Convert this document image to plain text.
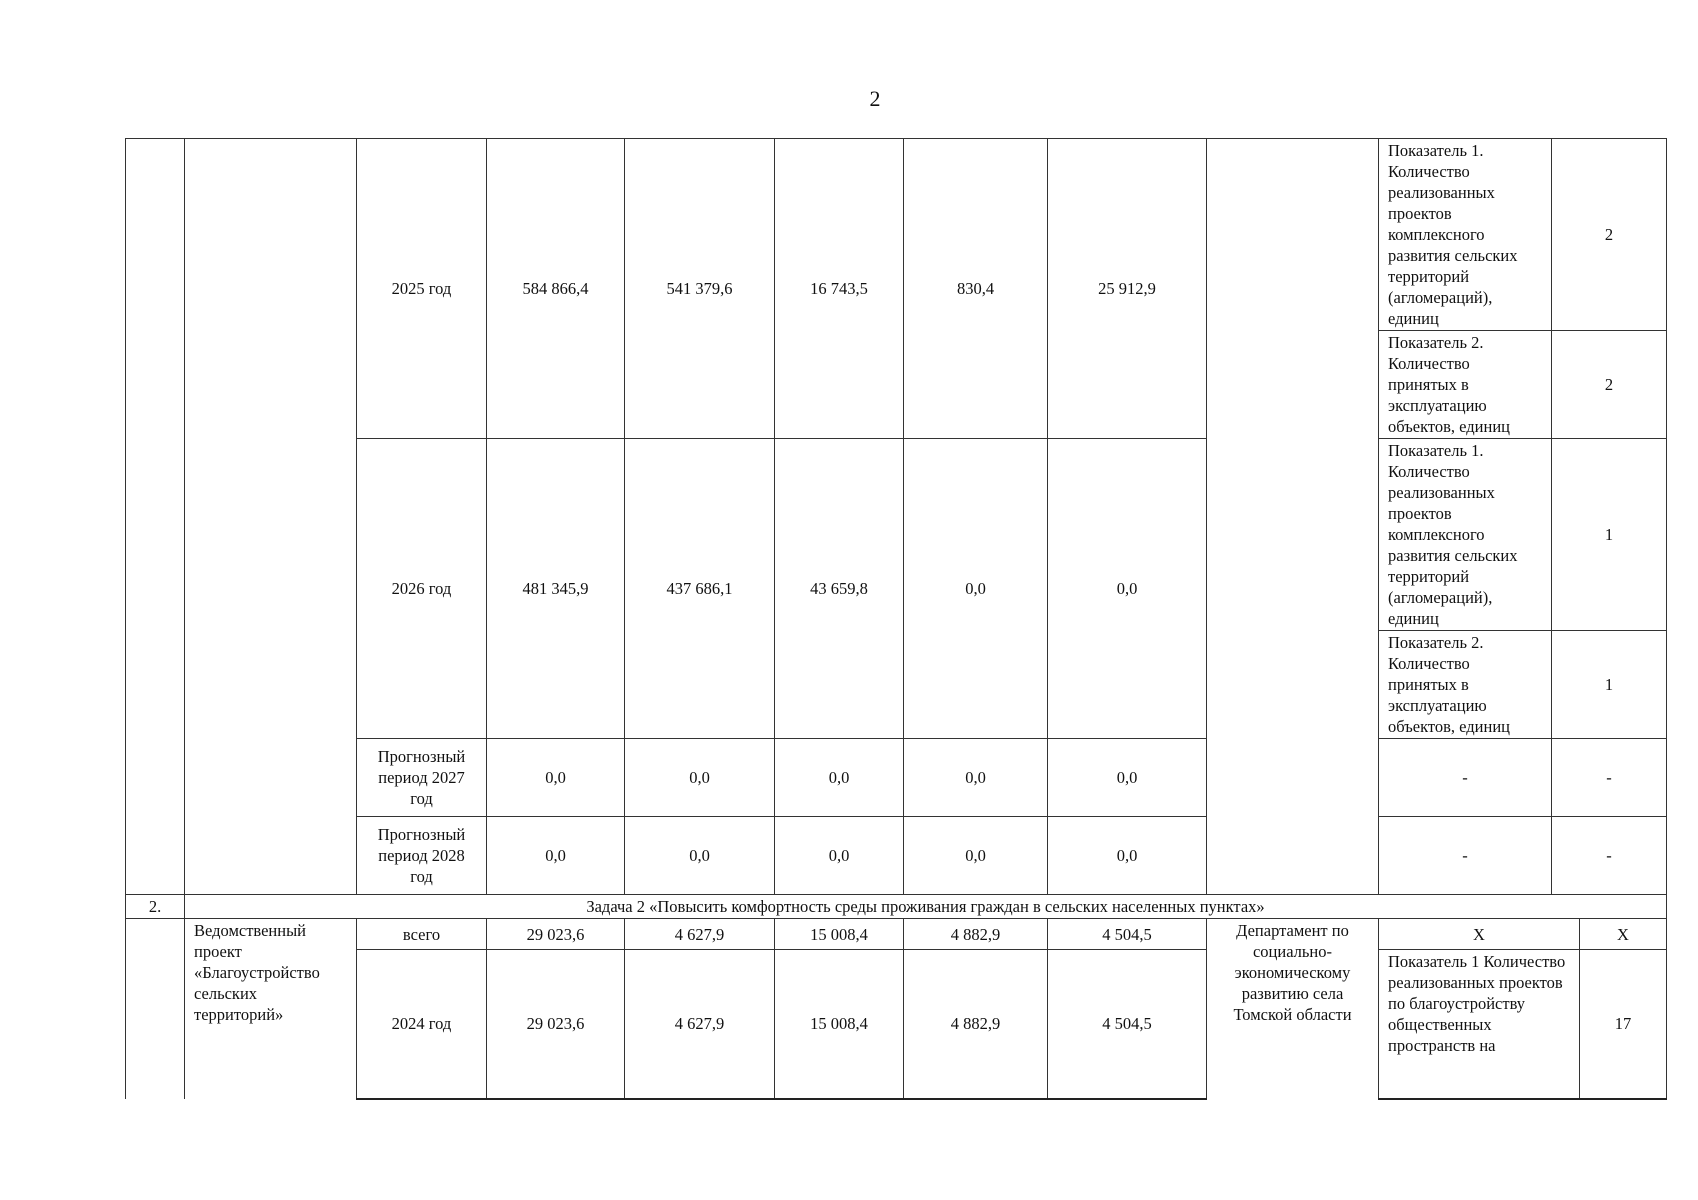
2
		2025 год	584 866,4	541 379,6	16 743,5	830,4	25 912,9		Показатель 1. Количество реализованных проектов комплексного развития сельских территорий (агломераций), единиц	2	
									Показатель 2. Количество принятых в эксплуатацию объектов, единиц	2	
		2026 год	481 345,9	437 686,1	43 659,8	0,0	0,0		Показатель 1. Количество реализованных проектов комплексного развития сельских территорий (агломераций), единиц	1	
									Показатель 2. Количество принятых в эксплуатацию объектов, единиц	1	
		Прогнозный период 2027 год	0,0	0,0	0,0	0,0	0,0		-	-	
		Прогнозный период 2028 год	0,0	0,0	0,0	0,0	0,0		-	-	
2.	Задача 2 «Повысить комфортность среды проживания граждан в сельских населенных пунктах»										
	Ведомственный проект «Благоустройство сельских территорий»	всего	29 023,6	4 627,9	15 008,4	4 882,9	4 504,5	Департамент по социально-экономическому развитию села Томской области	Х		Х
		2024 год	29 023,6	4 627,9	15 008,4	4 882,9	4 504,5		Показатель 1 Количество реализованных проектов по благоустройству общественных пространств на		17
